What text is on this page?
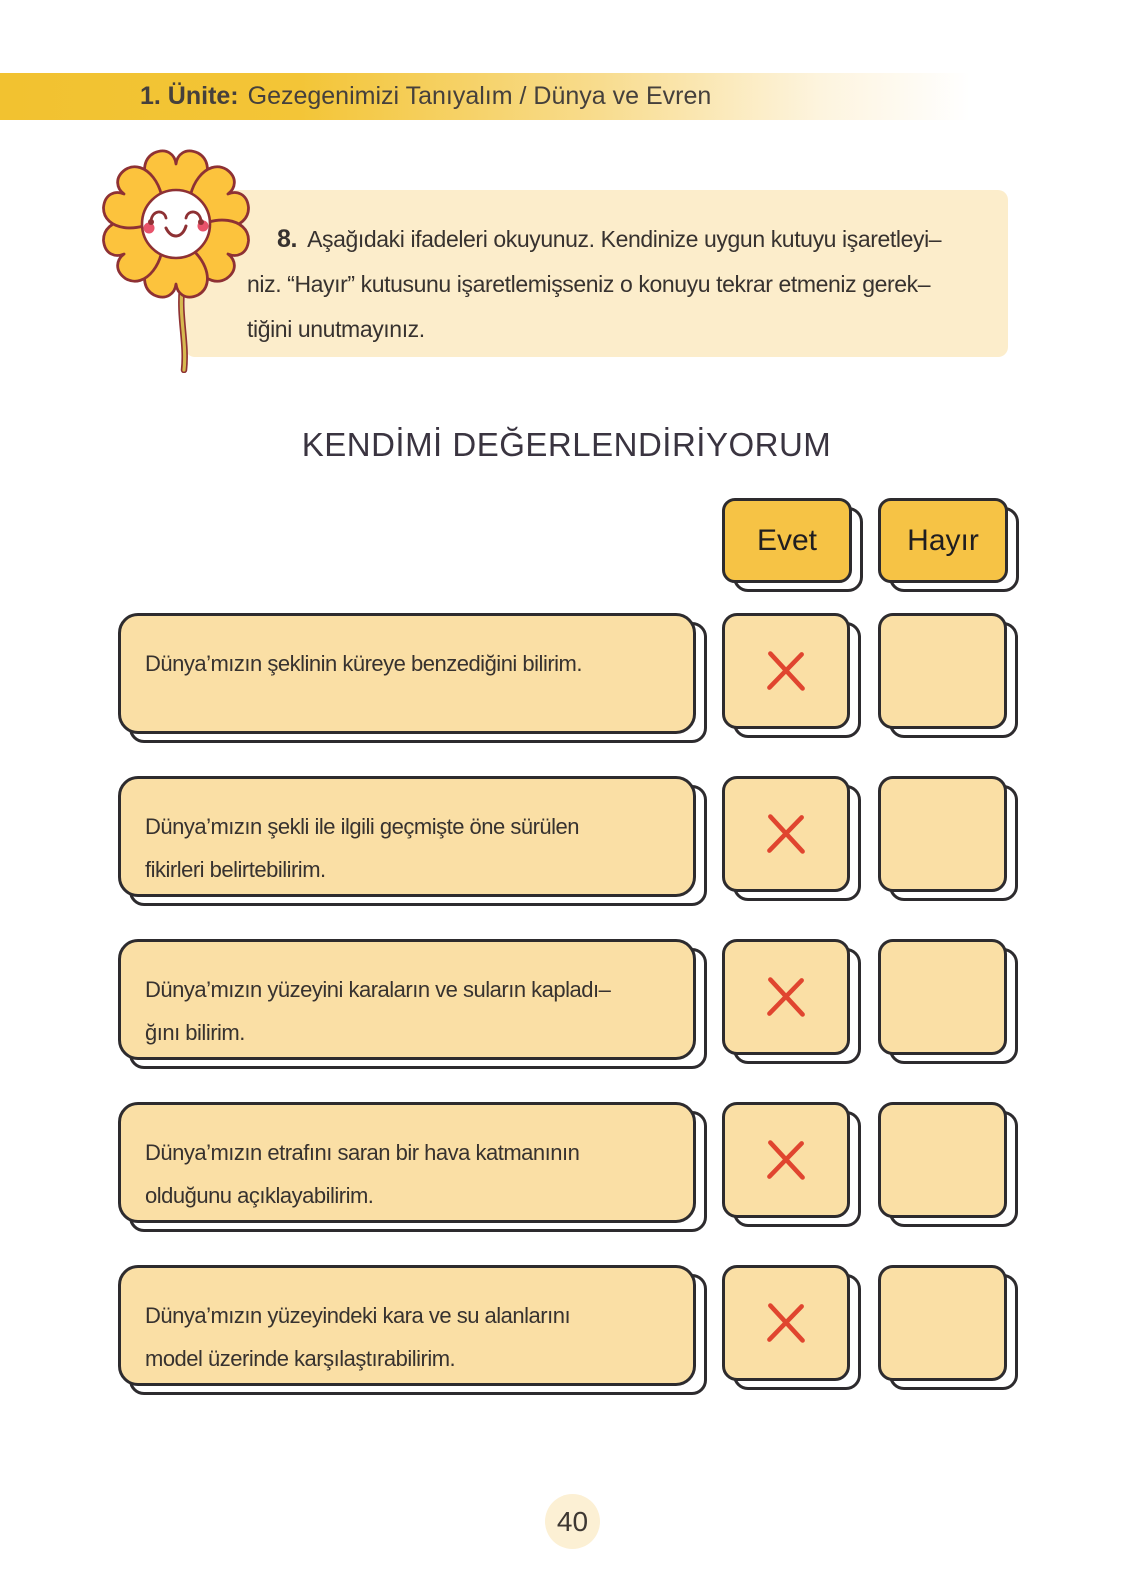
1. Ünite: Gezegenimizi Tanıyalım / Dünya ve Evren
8. Aşağıdaki ifadeleri okuyunuz. Kendinize uygun kutuyu işaretleyi–
niz. “Hayır” kutusunu işaretlemişseniz o konuyu tekrar etmeniz gerek–
tiğini unutmayınız.
KENDİMİ DEĞERLENDİRİYORUM
Evet	Hayır
Dünya’mızın şeklinin küreye benzediğini bilirim.
Dünya’mızın şekli ile ilgili geçmişte öne sürülen
fikirleri belirtebilirim.
Dünya’mızın yüzeyini karaların ve suların kapladı–
ğını bilirim.
Dünya’mızın etrafını saran bir hava katmanının
olduğunu açıklayabilirim.
Dünya’mızın yüzeyindeki kara ve su alanlarını
model üzerinde karşılaştırabilirim.
40
